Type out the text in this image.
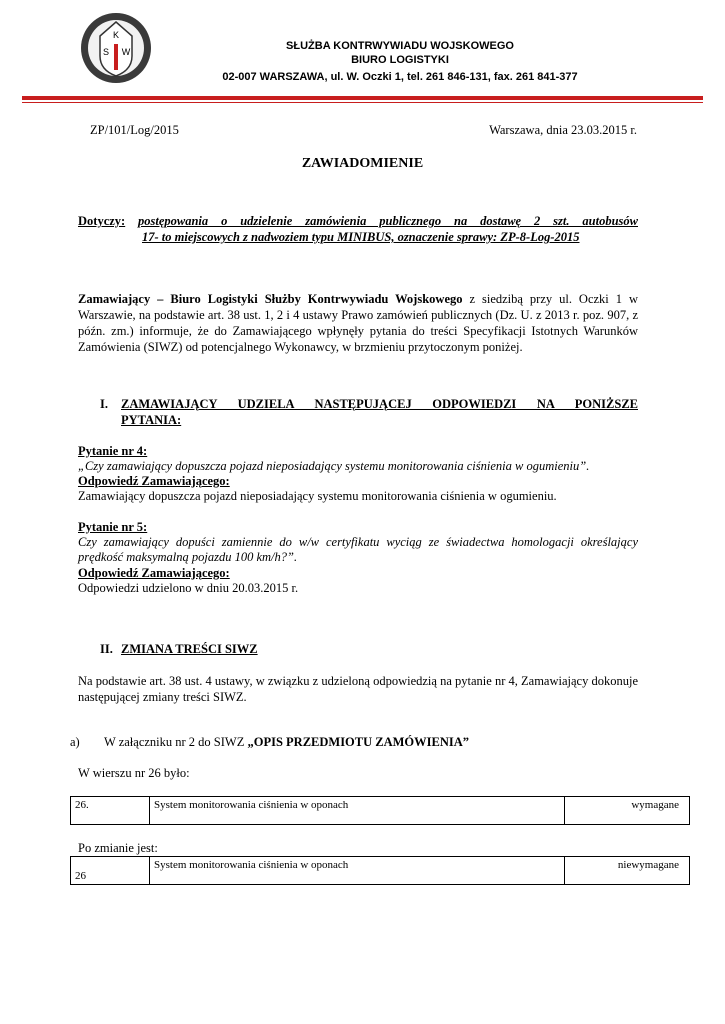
K
S W	SŁUŻBA KONTRWYWIADU WOJSKOWEGO
BIURO LOGISTYKI
02-007 WARSZAWA, ul. W. Oczki 1, tel. 261 846-131, fax. 261 841-377
ZP/101/Log/2015	Warszawa, dnia 23.03.2015 r.
ZAWIADOMIENIE
Dotyczy: postępowania o udzielenie zamówienia publicznego na dostawę 2 szt. autobusów
17- to miejscowych z nadwoziem typu MINIBUS, oznaczenie sprawy: ZP-8-Log-2015
Zamawiający – Biuro Logistyki Służby Kontrwywiadu Wojskowego z siedzibą przy ul. Oczki 1 w Warszawie, na podstawie art. 38 ust. 1, 2 i 4 ustawy Prawo zamówień publicznych (Dz. U. z 2013 r. poz. 907, z późn. zm.) informuje, że do Zamawiającego wpłynęły pytania do treści Specyfikacji Istotnych Warunków Zamówienia (SIWZ) od potencjalnego Wykonawcy, w brzmieniu przytoczonym poniżej.
I. ZAMAWIAJĄCY UDZIELA NASTĘPUJĄCEJ ODPOWIEDZI NA PONIŻSZE
PYTANIA:
Pytanie nr 4:
„Czy zamawiający dopuszcza pojazd nieposiadający systemu monitorowania ciśnienia w ogumieniu”.
Odpowiedź Zamawiającego:
Zamawiający dopuszcza pojazd nieposiadający systemu monitorowania ciśnienia w ogumieniu.
Pytanie nr 5:
Czy zamawiający dopuści zamiennie do w/w certyfikatu wyciąg ze świadectwa homologacji określający
prędkość maksymalną pojazdu 100 km/h?”.
Odpowiedź Zamawiającego:
Odpowiedzi udzielono w dniu 20.03.2015 r.
II. ZMIANA TREŚCI SIWZ
Na podstawie art. 38 ust. 4 ustawy, w związku z udzieloną odpowiedzią na pytanie nr 4, Zamawiający dokonuje następującej zmiany treści SIWZ.
a) W załączniku nr 2 do SIWZ „OPIS PRZEDMIOTU ZAMÓWIENIA”
W wierszu nr 26 było:
26.	System monitorowania ciśnienia w oponach	wymagane
Po zmianie jest:
26	System monitorowania ciśnienia w oponach	niewymagane
